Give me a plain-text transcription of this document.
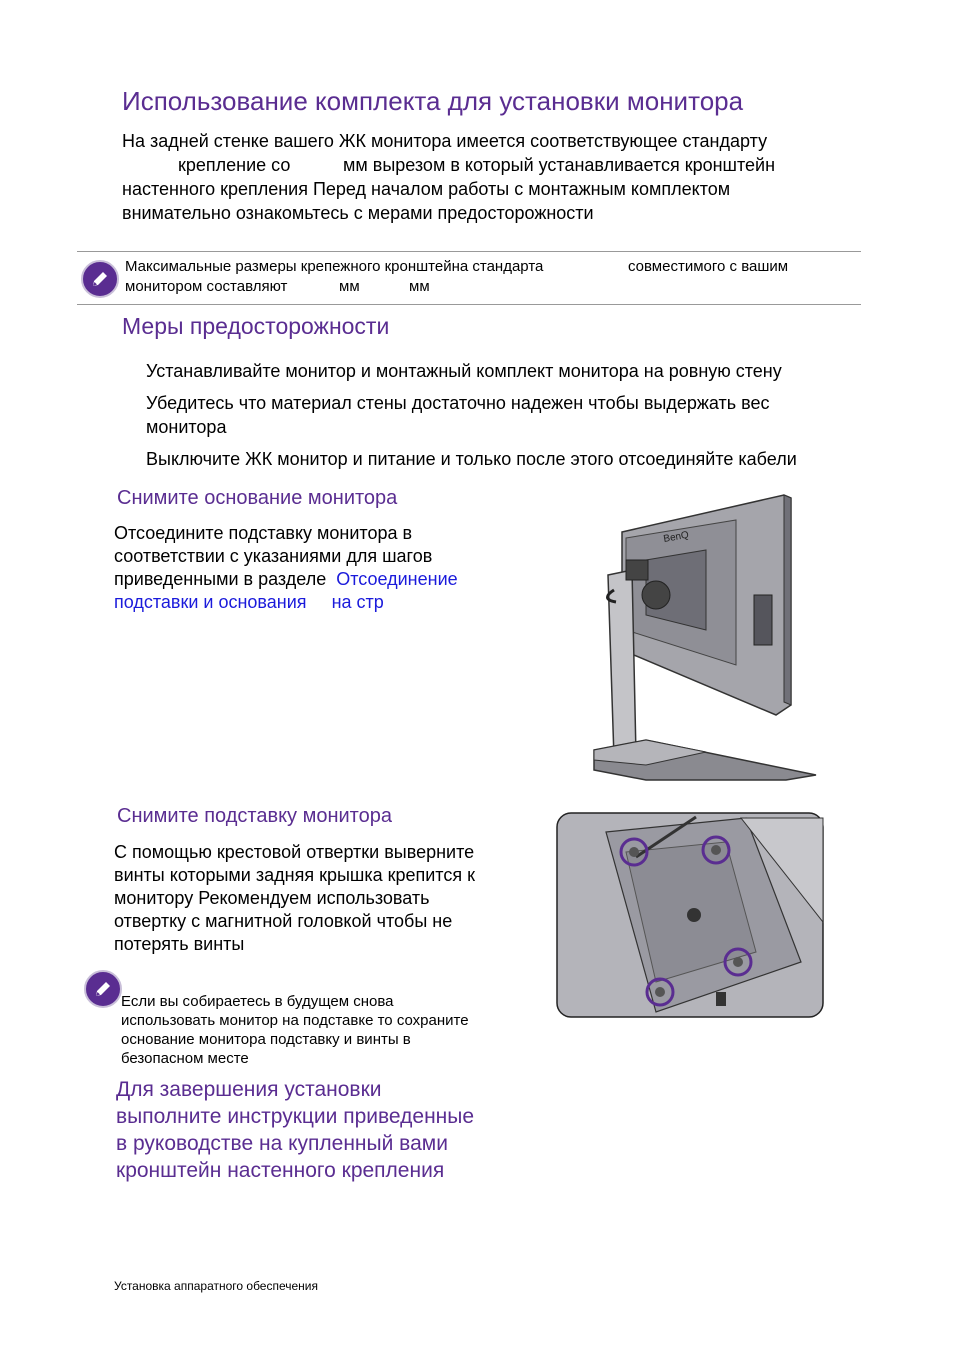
Использование комплекта для установки монитора
На задней стенке вашего ЖК монитора имеется соответствующее стандарту
крепление со	мм вырезом в который устанавливается кронштейн
настенного крепления Перед началом работы с монтажным комплектом
внимательно ознакомьтесь с мерами предосторожности
Максимальные размеры крепежного кронштейна стандарта	совместимого с вашим
монитором составляют	мм	мм
Меры предосторожности
Устанавливайте монитор и монтажный комплект монитора на ровную стену
Убедитесь что материал стены достаточно надежен чтобы выдержать вес
монитора
Выключите ЖК монитор и питание и только после этого отсоединяйте кабели
Снимите основание монитора
Отсоедините подставку монитора в
соответствии с указаниями для шагов
приведенными в разделе Отсоединение
подставки и основания на стр
BenQ
Снимите подставку монитора
С помощью крестовой отвертки выверните
винты которыми задняя крышка крепится к
монитору Рекомендуем использовать
отвертку с магнитной головкой чтобы не
потерять винты
Если вы собираетесь в будущем снова
использовать монитор на подставке то сохраните
основание монитора подставку и винты в
безопасном месте
Для завершения установки
выполните инструкции приведенные
в руководстве на купленный вами
кронштейн настенного крепления
Установка аппаратного обеспечения
